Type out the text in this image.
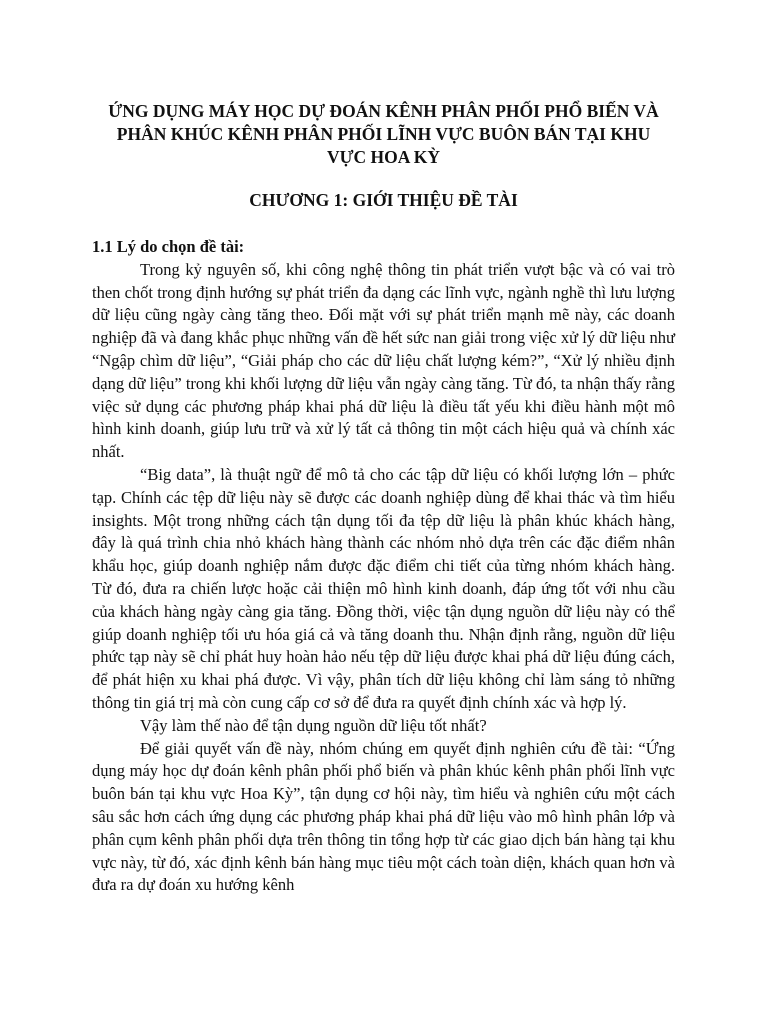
ỨNG DỤNG MÁY HỌC DỰ ĐOÁN KÊNH PHÂN PHỐI PHỔ BIẾN VÀ PHÂN KHÚC KÊNH PHÂN PHỐI LĨNH VỰC BUÔN BÁN TẠI KHU VỰC HOA KỲ
CHƯƠNG 1: GIỚI THIỆU ĐỀ TÀI
1.1 Lý do chọn đề tài:

Trong kỷ nguyên số, khi công nghệ thông tin phát triển vượt bậc và có vai trò then chốt trong định hướng sự phát triển đa dạng các lĩnh vực, ngành nghề thì lưu lượng dữ liệu cũng ngày càng tăng theo. Đối mặt với sự phát triển mạnh mẽ này, các doanh nghiệp đã và đang khắc phục những vấn đề hết sức nan giải trong việc xử lý dữ liệu như “Ngập chìm dữ liệu”, “Giải pháp cho các dữ liệu chất lượng kém?”, “Xử lý nhiều định dạng dữ liệu” trong khi khối lượng dữ liệu vẫn ngày càng tăng. Từ đó, ta nhận thấy rằng việc sử dụng các phương pháp khai phá dữ liệu là điều tất yếu khi điều hành một mô hình kinh doanh, giúp lưu trữ và xử lý tất cả thông tin một cách hiệu quả và chính xác nhất.

“Big data”, là thuật ngữ để mô tả cho các tập dữ liệu có khối lượng lớn – phức tạp. Chính các tệp dữ liệu này sẽ được các doanh nghiệp dùng để khai thác và tìm hiểu insights. Một trong những cách tận dụng tối đa tệp dữ liệu là phân khúc khách hàng, đây là quá trình chia nhỏ khách hàng thành các nhóm nhỏ dựa trên các đặc điểm nhân khẩu học, giúp doanh nghiệp nắm được đặc điểm chi tiết của từng nhóm khách hàng. Từ đó, đưa ra chiến lược hoặc cải thiện mô hình kinh doanh, đáp ứng tốt với nhu cầu của khách hàng ngày càng gia tăng. Đồng thời, việc tận dụng nguồn dữ liệu này có thể giúp doanh nghiệp tối ưu hóa giá cả và tăng doanh thu. Nhận định rằng, nguồn dữ liệu phức tạp này sẽ chỉ phát huy hoàn hảo nếu tệp dữ liệu được khai phá dữ liệu đúng cách, để phát hiện xu khai phá được. Vì vậy, phân tích dữ liệu không chỉ làm sáng tỏ những thông tin giá trị mà còn cung cấp cơ sở để đưa ra quyết định chính xác và hợp lý.

Vậy làm thế nào để tận dụng nguồn dữ liệu tốt nhất?

Để giải quyết vấn đề này, nhóm chúng em quyết định nghiên cứu đề tài: “Ứng dụng máy học dự đoán kênh phân phối phổ biến và phân khúc kênh phân phối lĩnh vực buôn bán tại khu vực Hoa Kỳ”, tận dụng cơ hội này, tìm hiểu và nghiên cứu một cách sâu sắc hơn cách ứng dụng các phương pháp khai phá dữ liệu vào mô hình phân lớp và phân cụm kênh phân phối dựa trên thông tin tổng hợp từ các giao dịch bán hàng tại khu vực này, từ đó, xác định kênh bán hàng mục tiêu một cách toàn diện, khách quan hơn và đưa ra dự đoán xu hướng kênh
